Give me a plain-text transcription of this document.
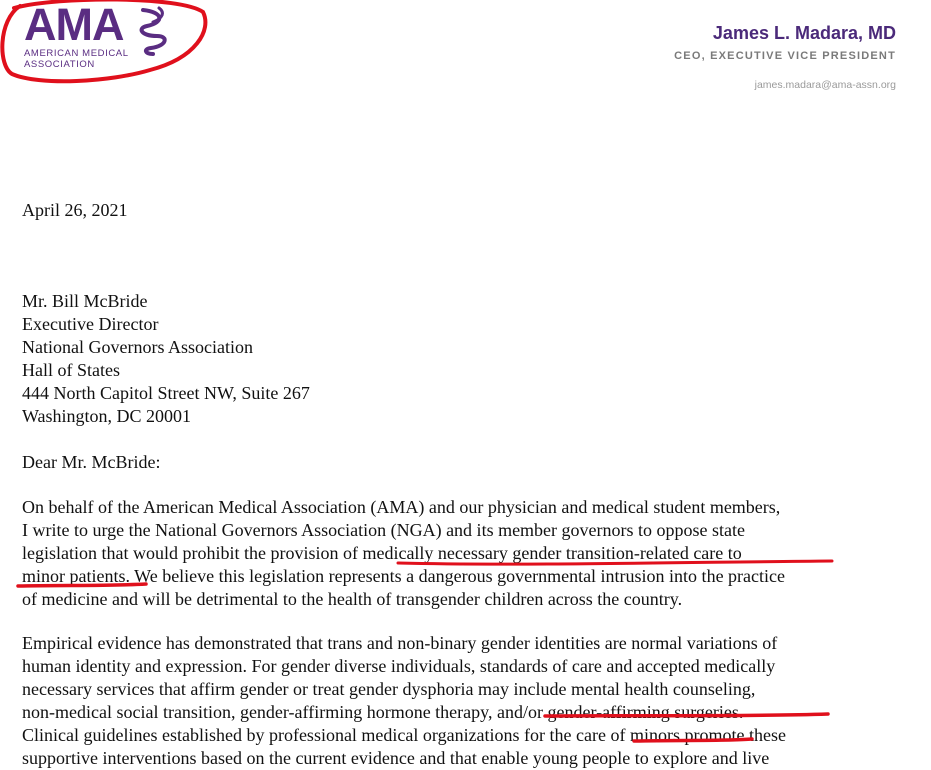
AMA
AMERICAN MEDICAL
ASSOCIATION
James L. Madara, MD
CEO, EXECUTIVE VICE PRESIDENT
james.madara@ama-assn.org
April 26, 2021
Mr. Bill McBride
Executive Director
National Governors Association
Hall of States
444 North Capitol Street NW, Suite 267
Washington, DC 20001
Dear Mr. McBride:
On behalf of the American Medical Association (AMA) and our physician and medical student members,
I write to urge the National Governors Association (NGA) and its member governors to oppose state
legislation that would prohibit the provision of medically necessary gender transition-related care to
minor patients. We believe this legislation represents a dangerous governmental intrusion into the practice
of medicine and will be detrimental to the health of transgender children across the country.
Empirical evidence has demonstrated that trans and non-binary gender identities are normal variations of
human identity and expression. For gender diverse individuals, standards of care and accepted medically
necessary services that affirm gender or treat gender dysphoria may include mental health counseling,
non-medical social transition, gender-affirming hormone therapy, and/or gender-affirming surgeries.
Clinical guidelines established by professional medical organizations for the care of minors promote these
supportive interventions based on the current evidence and that enable young people to explore and live
